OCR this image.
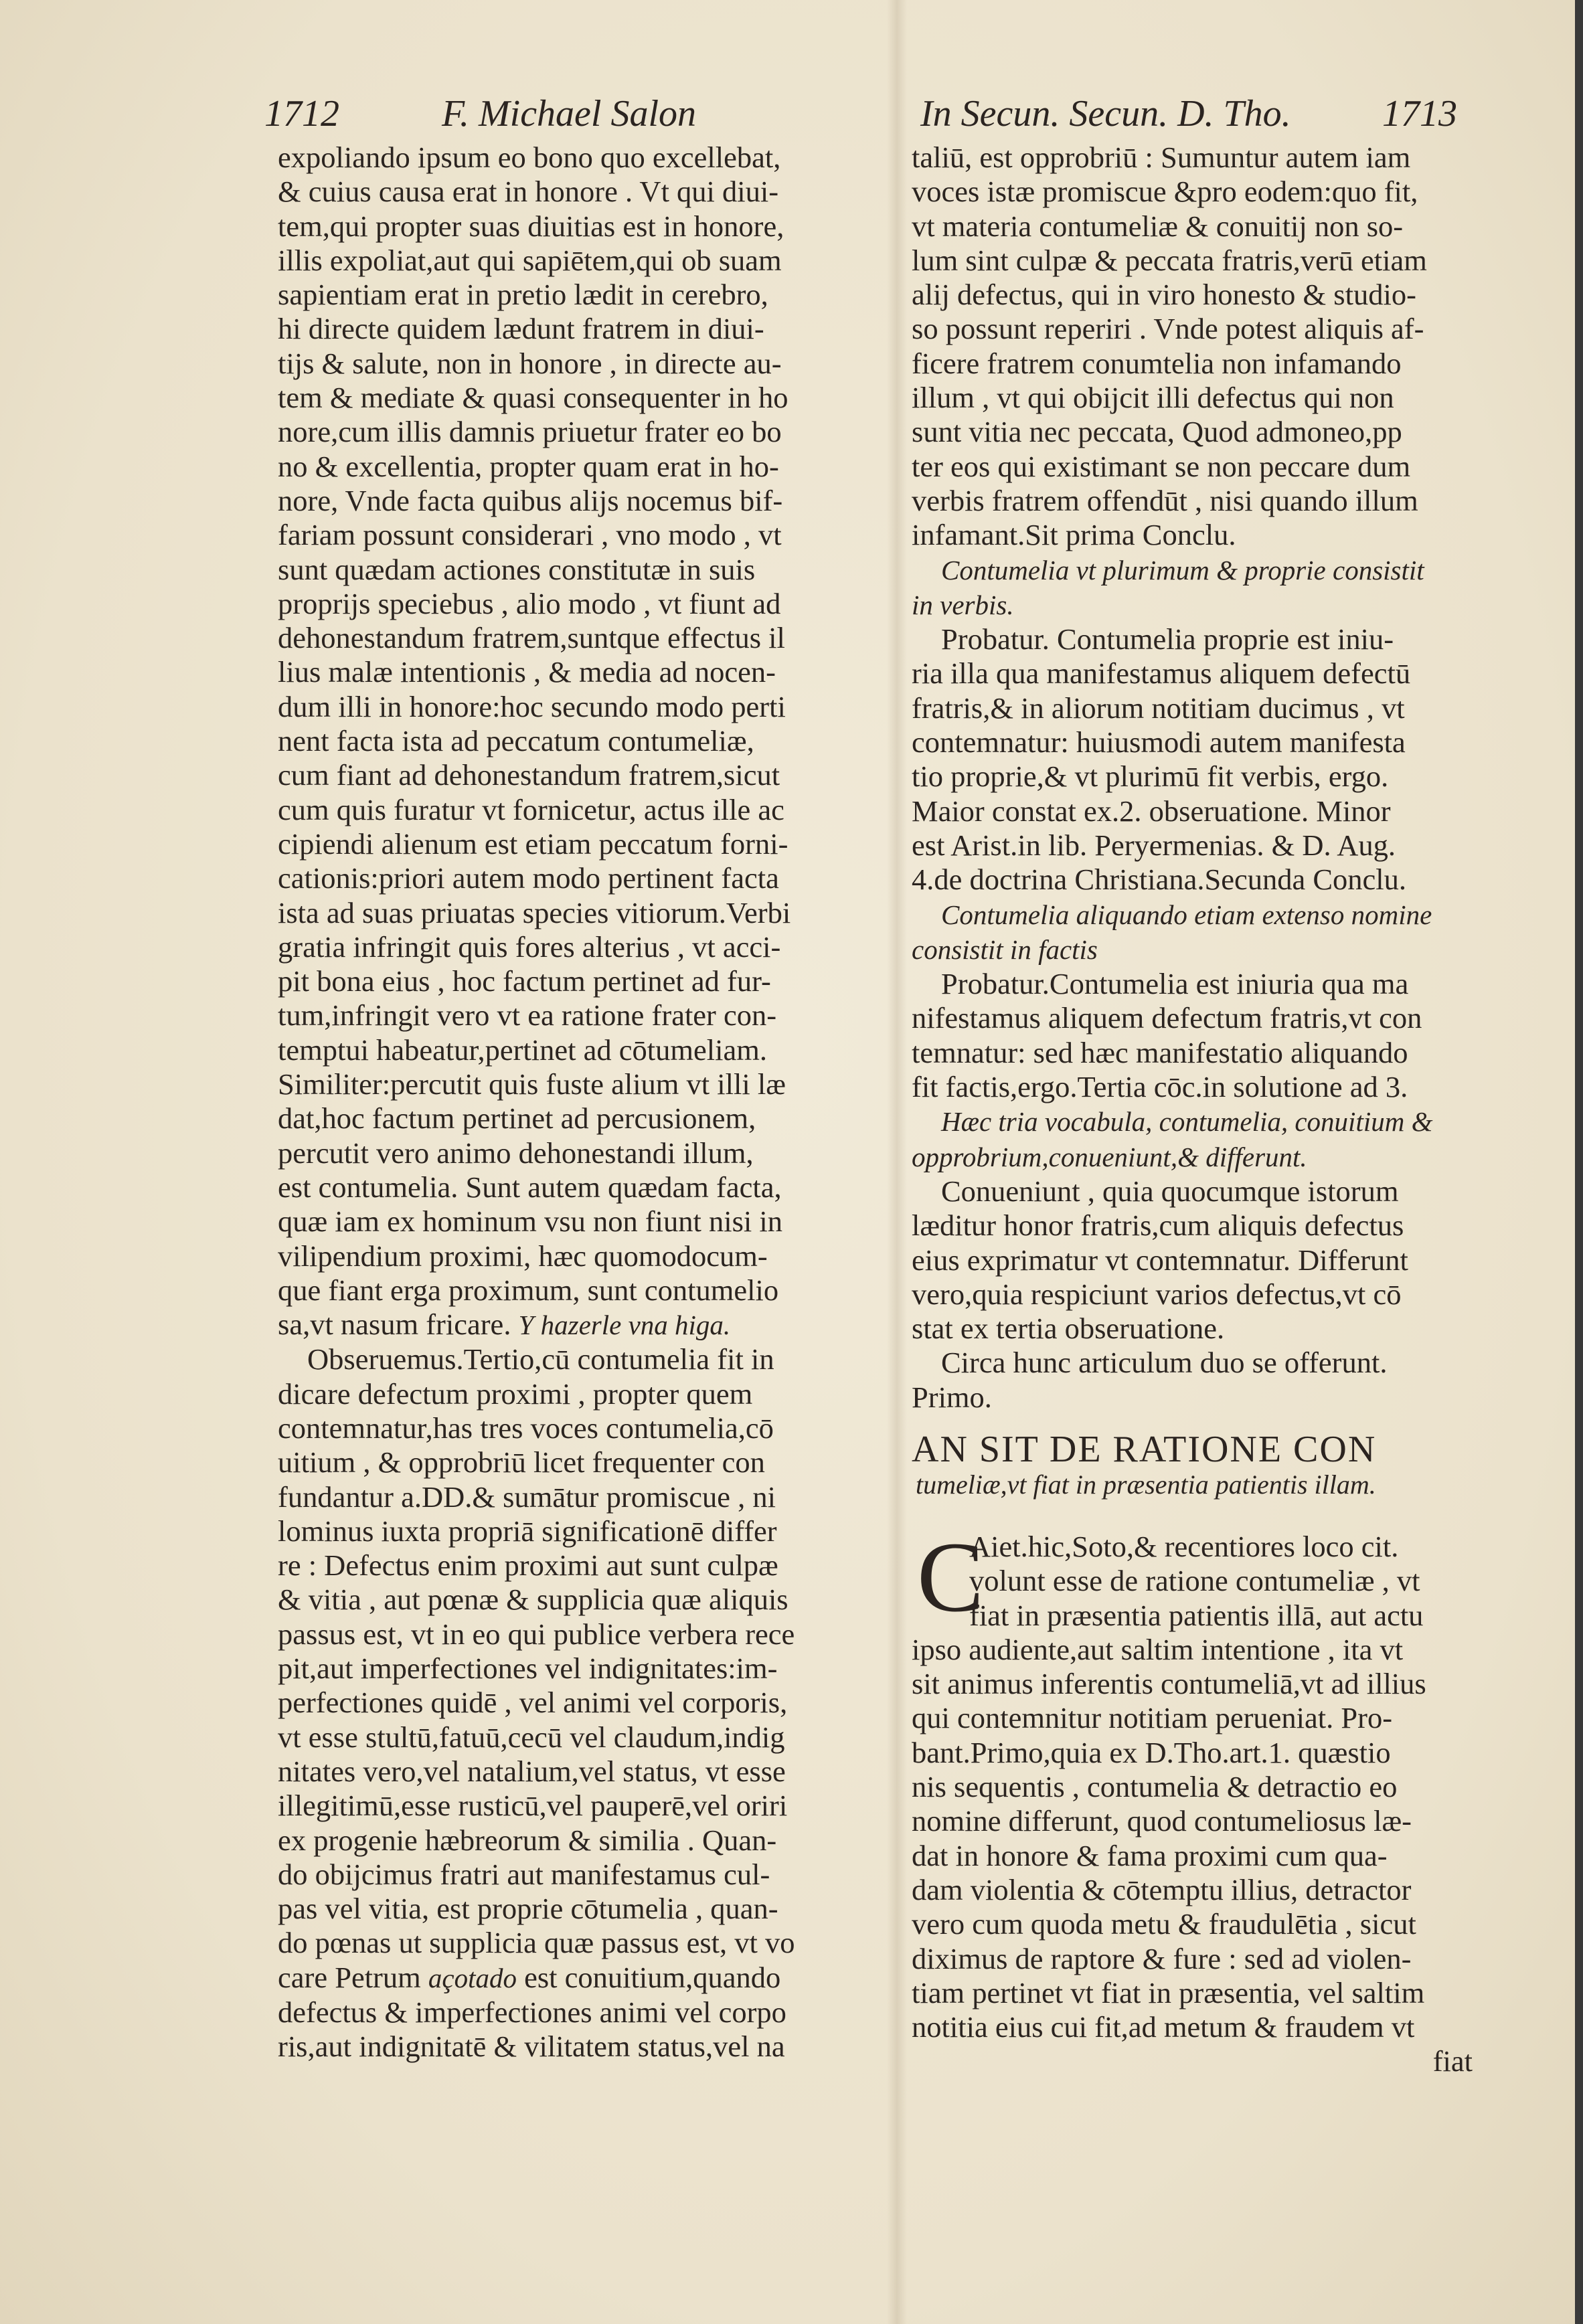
1712	F. Michael Salon	In Secun. Secun. D. Tho. 1713
expoliando ipsum eo bono quo excellebat,
& cuius causa erat in honore . Vt qui diui-
tem,qui propter suas diuitias est in honore,
illis expoliat,aut qui sapiētem,qui ob suam
sapientiam erat in pretio lædit in cerebro,
hi directe quidem lædunt fratrem in diui-
tijs & salute, non in honore , in directe au-
tem & mediate & quasi consequenter in ho
nore,cum illis damnis priuetur frater eo bo
no & excellentia, propter quam erat in ho-
nore, Vnde facta quibus alijs nocemus bif-
fariam possunt considerari , vno modo , vt
sunt quædam actiones constitutæ in suis
proprijs speciebus , alio modo , vt fiunt ad
dehonestandum fratrem,suntque effectus il
lius malæ intentionis , & media ad nocen-
dum illi in honore:hoc secundo modo perti
nent facta ista ad peccatum contumeliæ,
cum fiant ad dehonestandum fratrem,sicut
cum quis furatur vt fornicetur, actus ille ac
cipiendi alienum est etiam peccatum forni-
cationis:priori autem modo pertinent facta
ista ad suas priuatas species vitiorum.Verbi
gratia infringit quis fores alterius , vt acci-
pit bona eius , hoc factum pertinet ad fur-
tum,infringit vero vt ea ratione frater con-
temptui habeatur,pertinet ad cōtumeliam.
Similiter:percutit quis fuste alium vt illi læ
dat,hoc factum pertinet ad percusionem,
percutit vero animo dehonestandi illum,
est contumelia. Sunt autem quædam facta,
quæ iam ex hominum vsu non fiunt nisi in
vilipendium proximi, hæc quomodocum-
que fiant erga proximum, sunt contumelio
sa,vt nasum fricare. Y hazerle vna higa.
Obseruemus.Tertio,cū contumelia fit in
dicare defectum proximi , propter quem
contemnatur,has tres voces contumelia,cō
uitium , & opprobriū licet frequenter con
fundantur a.DD.& sumātur promiscue , ni
lominus iuxta propriā significationē differ
re : Defectus enim proximi aut sunt culpæ
& vitia , aut pœnæ & supplicia quæ aliquis
passus est, vt in eo qui publice verbera rece
pit,aut imperfectiones vel indignitates:im-
perfectiones quidē , vel animi vel corporis,
vt esse stultū,fatuū,cecū vel claudum,indig
nitates vero,vel natalium,vel status, vt esse
illegitimū,esse rusticū,vel pauperē,vel oriri
ex progenie hæbreorum & similia . Quan-
do obijcimus fratri aut manifestamus cul-
pas vel vitia, est proprie cōtumelia , quan-
do pœnas ut supplicia quæ passus est, vt vo
care Petrum açotado est conuitium,quando
defectus & imperfectiones animi vel corpo
ris,aut indignitatē & vilitatem status,vel na
taliū, est opprobriū : Sumuntur autem iam
voces istæ promiscue &pro eodem:quo fit,
vt materia contumeliæ & conuitij non so-
lum sint culpæ & peccata fratris,verū etiam
alij defectus, qui in viro honesto & studio-
so possunt reperiri . Vnde potest aliquis af-
ficere fratrem conumtelia non infamando
illum , vt qui obijcit illi defectus qui non
sunt vitia nec peccata, Quod admoneo,pp
ter eos qui existimant se non peccare dum
verbis fratrem offendūt , nisi quando illum
infamant.Sit prima Conclu.
Contumelia vt plurimum & proprie consistit
in verbis.
Probatur. Contumelia proprie est iniu-
ria illa qua manifestamus aliquem defectū
fratris,& in aliorum notitiam ducimus , vt
contemnatur: huiusmodi autem manifesta
tio proprie,& vt plurimū fit verbis, ergo.
Maior constat ex.2. obseruatione. Minor
est Arist.in lib. Peryermenias. & D. Aug.
4.de doctrina Christiana.Secunda Conclu.
Contumelia aliquando etiam extenso nomine
consistit in factis
Probatur.Contumelia est iniuria qua ma
nifestamus aliquem defectum fratris,vt con
temnatur: sed hæc manifestatio aliquando
fit factis,ergo.Tertia cōc.in solutione ad 3.
Hæc tria vocabula, contumelia, conuitium &
opprobrium,conueniunt,& differunt.
Conueniunt , quia quocumque istorum
læditur honor fratris,cum aliquis defectus
eius exprimatur vt contemnatur. Differunt
vero,quia respiciunt varios defectus,vt cō
stat ex tertia obseruatione.
Circa hunc articulum duo se offerunt.
Primo.
AN SIT DE RATIONE CON
tumeliæ,vt fiat in præsentia patientis illam.
C
Aiet.hic,Soto,& recentiores loco cit.
volunt esse de ratione contumeliæ , vt
fiat in præsentia patientis illā, aut actu
ipso audiente,aut saltim intentione , ita vt
sit animus inferentis contumeliā,vt ad illius
qui contemnitur notitiam perueniat. Pro-
bant.Primo,quia ex D.Tho.art.1. quæstio
nis sequentis , contumelia & detractio eo
nomine differunt, quod contumeliosus læ-
dat in honore & fama proximi cum qua-
dam violentia & cōtemptu illius, detractor
vero cum quoda metu & fraudulētia , sicut
diximus de raptore & fure : sed ad violen-
tiam pertinet vt fiat in præsentia, vel saltim
notitia eius cui fit,ad metum & fraudem vt
fiat
